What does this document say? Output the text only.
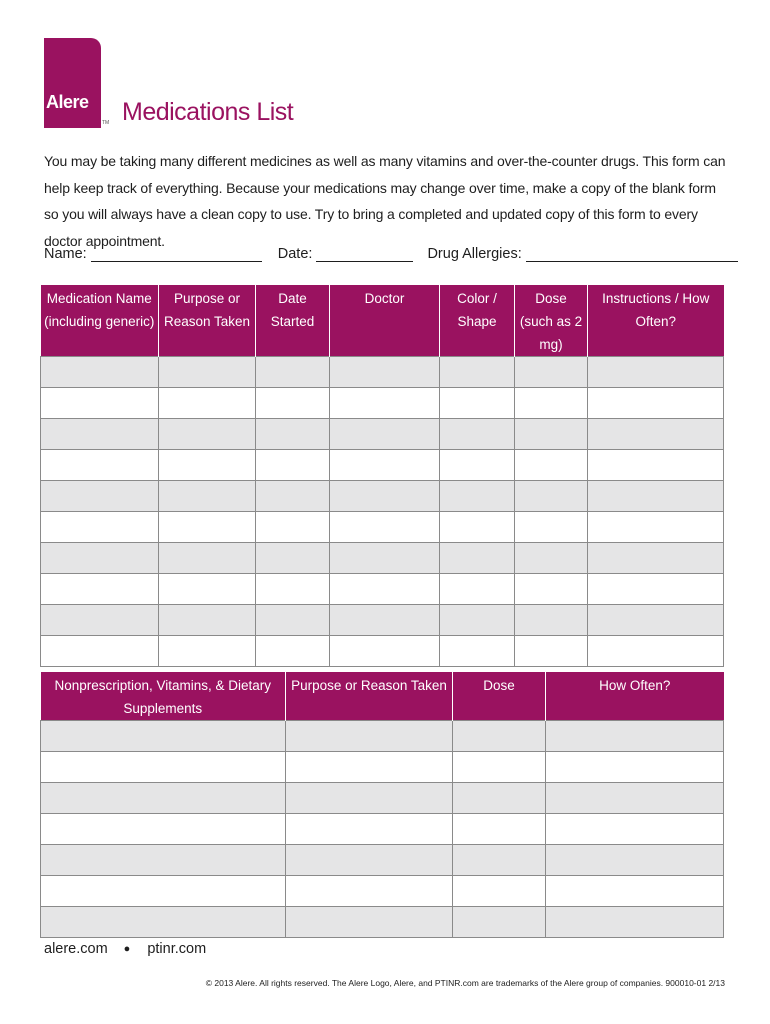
Alere
TM Medications List

You may be taking many different medicines as well as many vitamins and over-the-counter drugs. This form can help keep track of everything. Because your medications may change over time, make a copy of the blank form so you will always have a clean copy to use. Try to bring a completed and updated copy of this form to every doctor appointment.

Name:	Date:	Drug Allergies:
Medication Name (including generic)	Purpose or Reason Taken	Date Started	Doctor	Color / Shape	Dose (such as 2 mg)	Instructions / How Often?

Nonprescription, Vitamins, & Dietary Supplements	Purpose or Reason Taken	Dose	How Often?

alere.com ● ptinr.com
© 2013 Alere. All rights reserved. The Alere Logo, Alere, and PTINR.com are trademarks of the Alere group of companies. 900010-01 2/13
